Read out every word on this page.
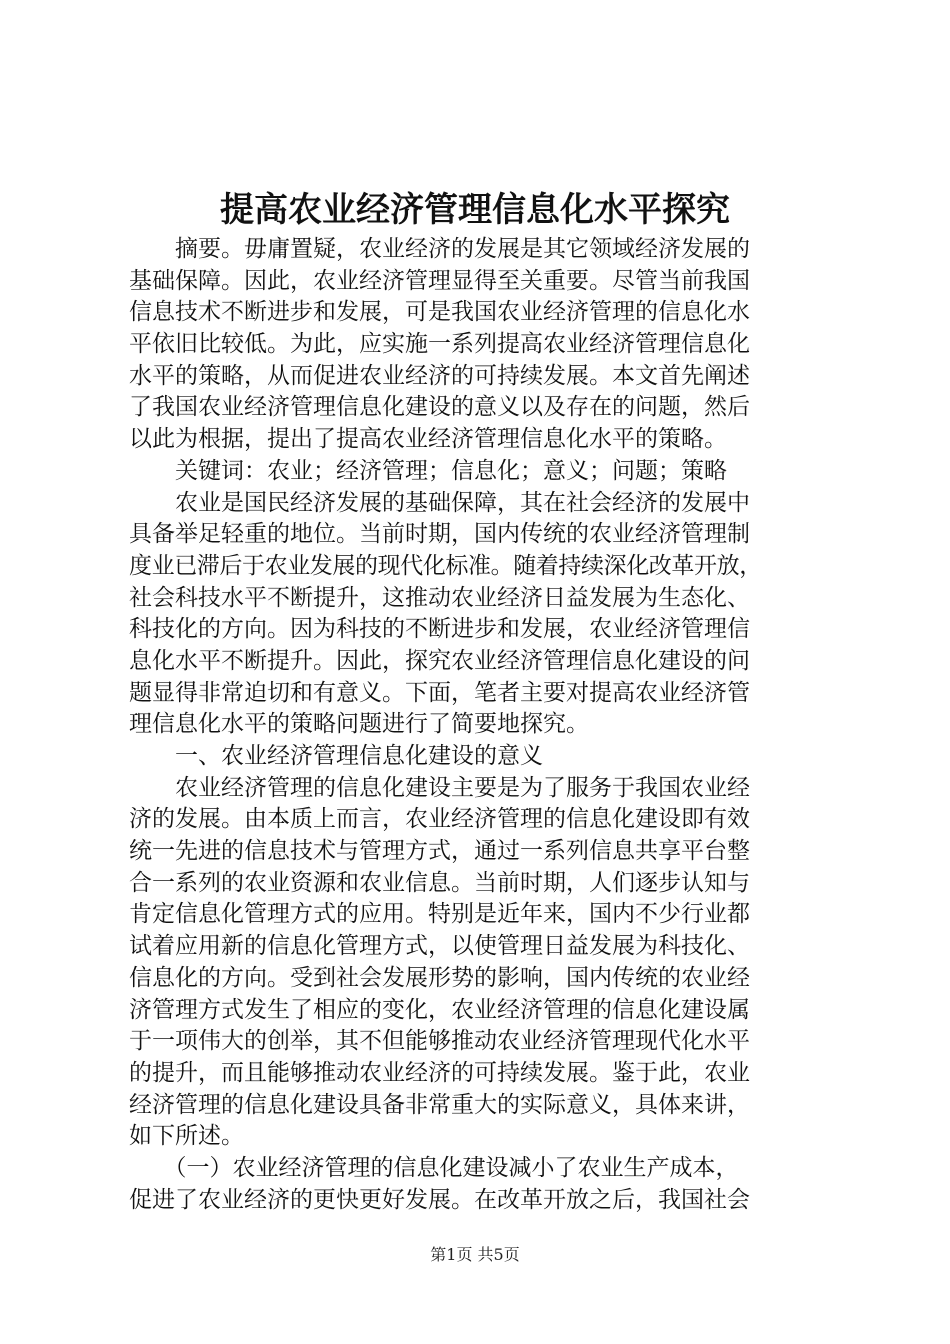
提高农业经济管理信息化水平探究
　　摘要。毋庸置疑，农业经济的发展是其它领域经济发展的
基础保障。因此，农业经济管理显得至关重要。尽管当前我国
信息技术不断进步和发展，可是我国农业经济管理的信息化水
平依旧比较低。为此，应实施一系列提高农业经济管理信息化
水平的策略，从而促进农业经济的可持续发展。本文首先阐述
了我国农业经济管理信息化建设的意义以及存在的问题，然后
以此为根据，提出了提高农业经济管理信息化水平的策略。
　　关键词：农业；经济管理；信息化；意义；问题；策略
　　农业是国民经济发展的基础保障，其在社会经济的发展中
具备举足轻重的地位。当前时期，国内传统的农业经济管理制
度业已滞后于农业发展的现代化标准。随着持续深化改革开放，
社会科技水平不断提升，这推动农业经济日益发展为生态化、
科技化的方向。因为科技的不断进步和发展，农业经济管理信
息化水平不断提升。因此，探究农业经济管理信息化建设的问
题显得非常迫切和有意义。下面，笔者主要对提高农业经济管
理信息化水平的策略问题进行了简要地探究。
　　一、农业经济管理信息化建设的意义
　　农业经济管理的信息化建设主要是为了服务于我国农业经
济的发展。由本质上而言，农业经济管理的信息化建设即有效
统一先进的信息技术与管理方式，通过一系列信息共享平台整
合一系列的农业资源和农业信息。当前时期，人们逐步认知与
肯定信息化管理方式的应用。特别是近年来，国内不少行业都
试着应用新的信息化管理方式，以使管理日益发展为科技化、
信息化的方向。受到社会发展形势的影响，国内传统的农业经
济管理方式发生了相应的变化，农业经济管理的信息化建设属
于一项伟大的创举，其不但能够推动农业经济管理现代化水平
的提升，而且能够推动农业经济的可持续发展。鉴于此，农业
经济管理的信息化建设具备非常重大的实际意义，具体来讲，
如下所述。
　　（一）农业经济管理的信息化建设减小了农业生产成本，
促进了农业经济的更快更好发展。在改革开放之后，我国社会
第1页 共5页
